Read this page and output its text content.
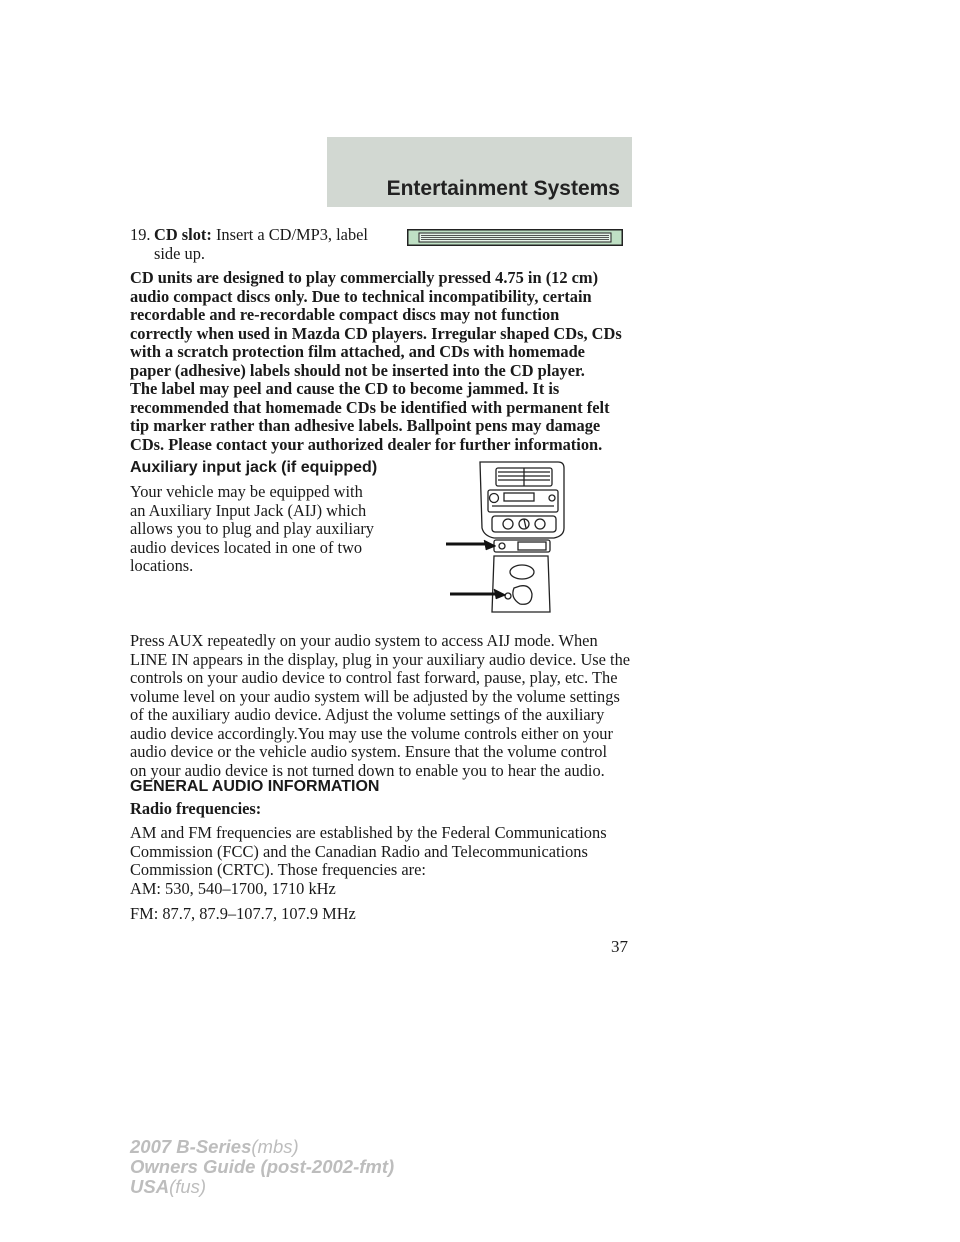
Entertainment Systems
19. CD slot: Insert a CD/MP3, label
side up.
CD units are designed to play commercially pressed 4.75 in (12 cm)
audio compact discs only. Due to technical incompatibility, certain
recordable and re-recordable compact discs may not function
correctly when used in Mazda CD players. Irregular shaped CDs, CDs
with a scratch protection film attached, and CDs with homemade
paper (adhesive) labels should not be inserted into the CD player.
The label may peel and cause the CD to become jammed. It is
recommended that homemade CDs be identified with permanent felt
tip marker rather than adhesive labels. Ballpoint pens may damage
CDs. Please contact your authorized dealer for further information.
Auxiliary input jack (if equipped)
Your vehicle may be equipped with
an Auxiliary Input Jack (AIJ) which
allows you to plug and play auxiliary
audio devices located in one of two
locations.
Press AUX repeatedly on your audio system to access AIJ mode. When
LINE IN appears in the display, plug in your auxiliary audio device. Use the
controls on your audio device to control fast forward, pause, play, etc. The
volume level on your audio system will be adjusted by the volume settings
of the auxiliary audio device. Adjust the volume settings of the auxiliary
audio device accordingly.You may use the volume controls either on your
audio device or the vehicle audio system. Ensure that the volume control
on your audio device is not turned down to enable you to hear the audio.
GENERAL AUDIO INFORMATION
Radio frequencies:
AM and FM frequencies are established by the Federal Communications
Commission (FCC) and the Canadian Radio and Telecommunications
Commission (CRTC). Those frequencies are:
AM: 530, 540–1700, 1710 kHz
FM: 87.7, 87.9–107.7, 107.9 MHz
37
2007 B-Series(mbs)
Owners Guide (post-2002-fmt)
USA(fus)
